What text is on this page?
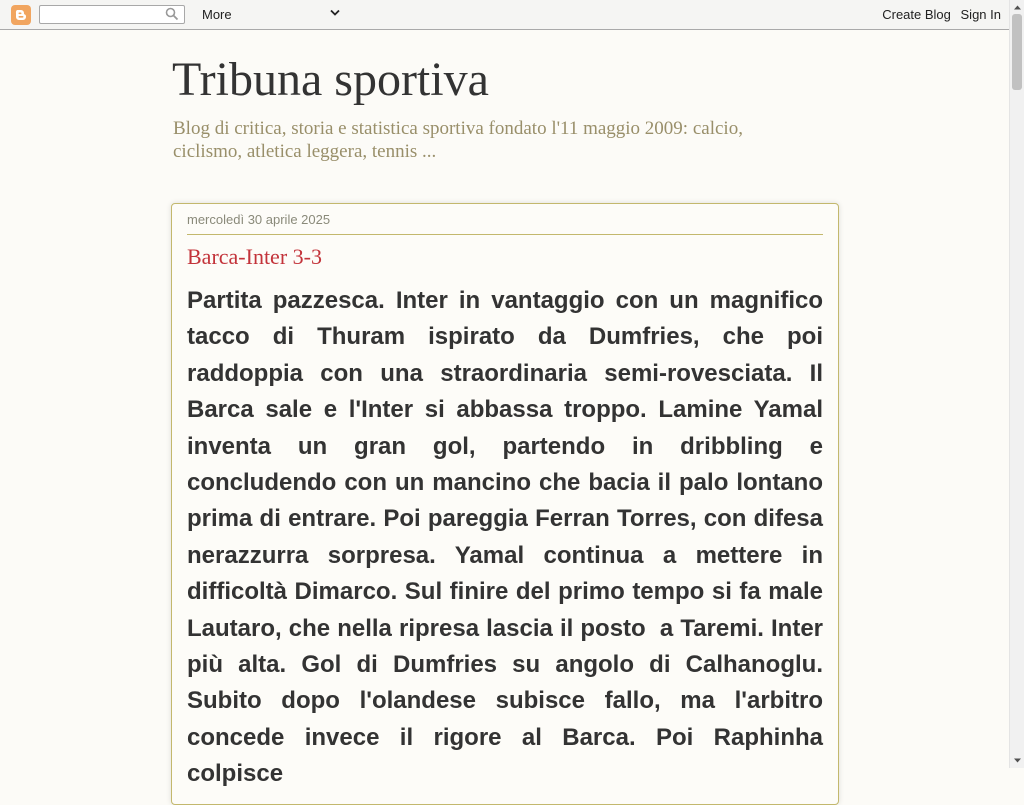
More	Create Blog Sign In
Tribuna sportiva
Blog di critica, storia e statistica sportiva fondato l'11 maggio 2009: calcio, ciclismo, atletica leggera, tennis ...
mercoledì 30 aprile 2025
Barca-Inter 3-3
Partita pazzesca. Inter in vantaggio con un magnifico tacco di Thuram ispirato da Dumfries, che poi raddoppia con una straordinaria semi-rovesciata. Il Barca sale e l'Inter si abbassa troppo. Lamine Yamal inventa un gran gol, partendo in dribbling e concludendo con un mancino che bacia il palo lontano prima di entrare. Poi pareggia Ferran Torres, con difesa nerazzurra sorpresa. Yamal continua a mettere in difficoltà Dimarco. Sul finire del primo tempo si fa male Lautaro, che nella ripresa lascia il posto  a Taremi. Inter più alta. Gol di Dumfries su angolo di Calhanoglu. Subito dopo l'olandese subisce fallo, ma l'arbitro concede invece il rigore al Barca. Poi Raphinha colpisce
